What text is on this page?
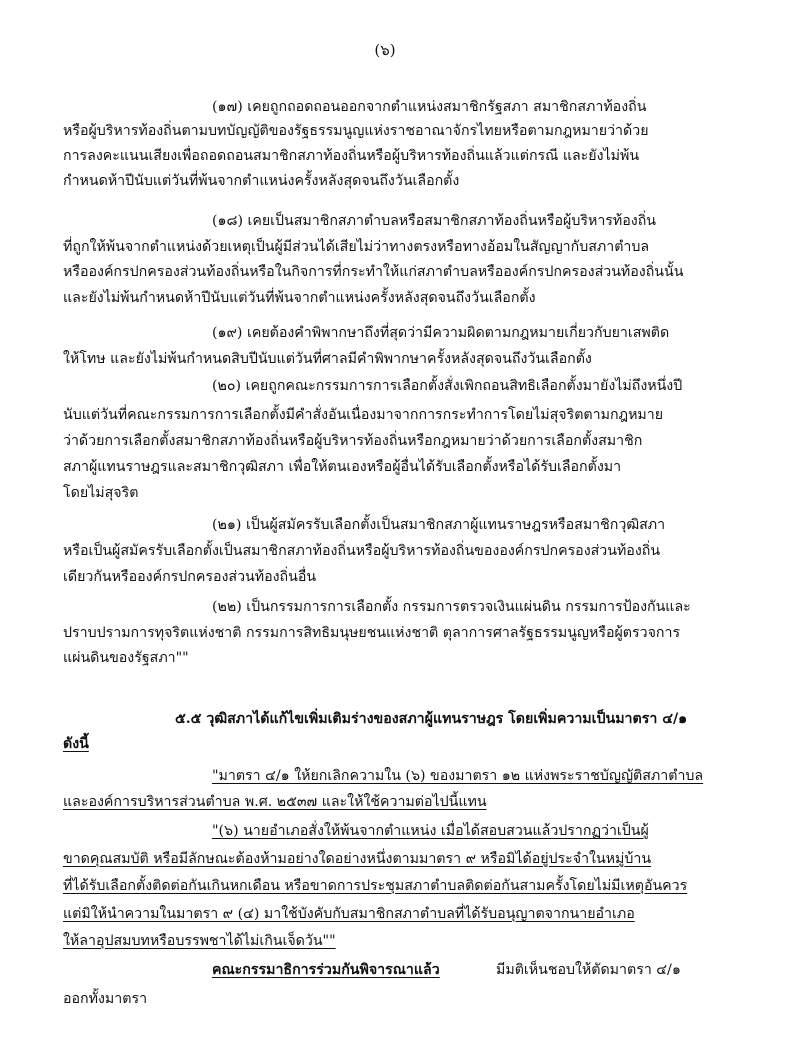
(๖)
(๑๗) เคยถูกถอดถอนออกจากตำแหน่งสมาชิกรัฐสภา สมาชิกสภาท้องถิ่น
หรือผู้บริหารท้องถิ่นตามบทบัญญัติของรัฐธรรมนูญแห่งราชอาณาจักรไทยหรือตามกฎหมายว่าด้วย
การลงคะแนนเสียงเพื่อถอดถอนสมาชิกสภาท้องถิ่นหรือผู้บริหารท้องถิ่นแล้วแต่กรณี และยังไม่พ้น
กำหนดห้าปีนับแต่วันที่พ้นจากตำแหน่งครั้งหลังสุดจนถึงวันเลือกตั้ง
(๑๘) เคยเป็นสมาชิกสภาตำบลหรือสมาชิกสภาท้องถิ่นหรือผู้บริหารท้องถิ่น
ที่ถูกให้พ้นจากตำแหน่งด้วยเหตุเป็นผู้มีส่วนได้เสียไม่ว่าทางตรงหรือทางอ้อมในสัญญากับสภาตำบล
หรือองค์กรปกครองส่วนท้องถิ่นหรือในกิจการที่กระทำให้แก่สภาตำบลหรือองค์กรปกครองส่วนท้องถิ่นนั้น
และยังไม่พ้นกำหนดห้าปีนับแต่วันที่พ้นจากตำแหน่งครั้งหลังสุดจนถึงวันเลือกตั้ง
(๑๙) เคยต้องคำพิพากษาถึงที่สุดว่ามีความผิดตามกฎหมายเกี่ยวกับยาเสพติด
ให้โทษ และยังไม่พ้นกำหนดสิบปีนับแต่วันที่ศาลมีคำพิพากษาครั้งหลังสุดจนถึงวันเลือกตั้ง
(๒๐) เคยถูกคณะกรรมการการเลือกตั้งสั่งเพิกถอนสิทธิเลือกตั้งมายังไม่ถึงหนึ่งปี
นับแต่วันที่คณะกรรมการการเลือกตั้งมีคำสั่งอันเนื่องมาจากการกระทำการโดยไม่สุจริตตามกฎหมาย
ว่าด้วยการเลือกตั้งสมาชิกสภาท้องถิ่นหรือผู้บริหารท้องถิ่นหรือกฎหมายว่าด้วยการเลือกตั้งสมาชิก
สภาผู้แทนราษฎรและสมาชิกวุฒิสภา เพื่อให้ตนเองหรือผู้อื่นได้รับเลือกตั้งหรือได้รับเลือกตั้งมา
โดยไม่สุจริต
(๒๑) เป็นผู้สมัครรับเลือกตั้งเป็นสมาชิกสภาผู้แทนราษฎรหรือสมาชิกวุฒิสภา
หรือเป็นผู้สมัครรับเลือกตั้งเป็นสมาชิกสภาท้องถิ่นหรือผู้บริหารท้องถิ่นขององค์กรปกครองส่วนท้องถิ่น
เดียวกันหรือองค์กรปกครองส่วนท้องถิ่นอื่น
(๒๒) เป็นกรรมการการเลือกตั้ง กรรมการตรวจเงินแผ่นดิน กรรมการป้องกันและ
ปราบปรามการทุจริตแห่งชาติ กรรมการสิทธิมนุษยชนแห่งชาติ ตุลาการศาลรัฐธรรมนูญหรือผู้ตรวจการ
แผ่นดินของรัฐสภา""
๕.๕ วุฒิสภาได้แก้ไขเพิ่มเติมร่างของสภาผู้แทนราษฎร โดยเพิ่มความเป็นมาตรา ๔/๑
ดังนี้
"มาตรา ๔/๑ ให้ยกเลิกความใน (๖) ของมาตรา ๑๒ แห่งพระราชบัญญัติสภาตำบล
และองค์การบริหารส่วนตำบล พ.ศ. ๒๕๓๗ และให้ใช้ความต่อไปนี้แทน
"(๖) นายอำเภอสั่งให้พ้นจากตำแหน่ง เมื่อได้สอบสวนแล้วปรากฏว่าเป็นผู้
ขาดคุณสมบัติ หรือมีลักษณะต้องห้ามอย่างใดอย่างหนึ่งตามมาตรา ๙ หรือมิได้อยู่ประจำในหมู่บ้าน
ที่ได้รับเลือกตั้งติดต่อกันเกินหกเดือน หรือขาดการประชุมสภาตำบลติดต่อกันสามครั้งโดยไม่มีเหตุอันควร
แต่มิให้นำความในมาตรา ๙ (๔) มาใช้บังคับกับสมาชิกสภาตำบลที่ได้รับอนุญาตจากนายอำเภอ
ให้ลาอุปสมบทหรือบรรพชาได้ไม่เกินเจ็ดวัน""
คณะกรรมาธิการร่วมกันพิจารณาแล้ว	มีมติเห็นชอบให้ตัดมาตรา ๔/๑
ออกทั้งมาตรา
